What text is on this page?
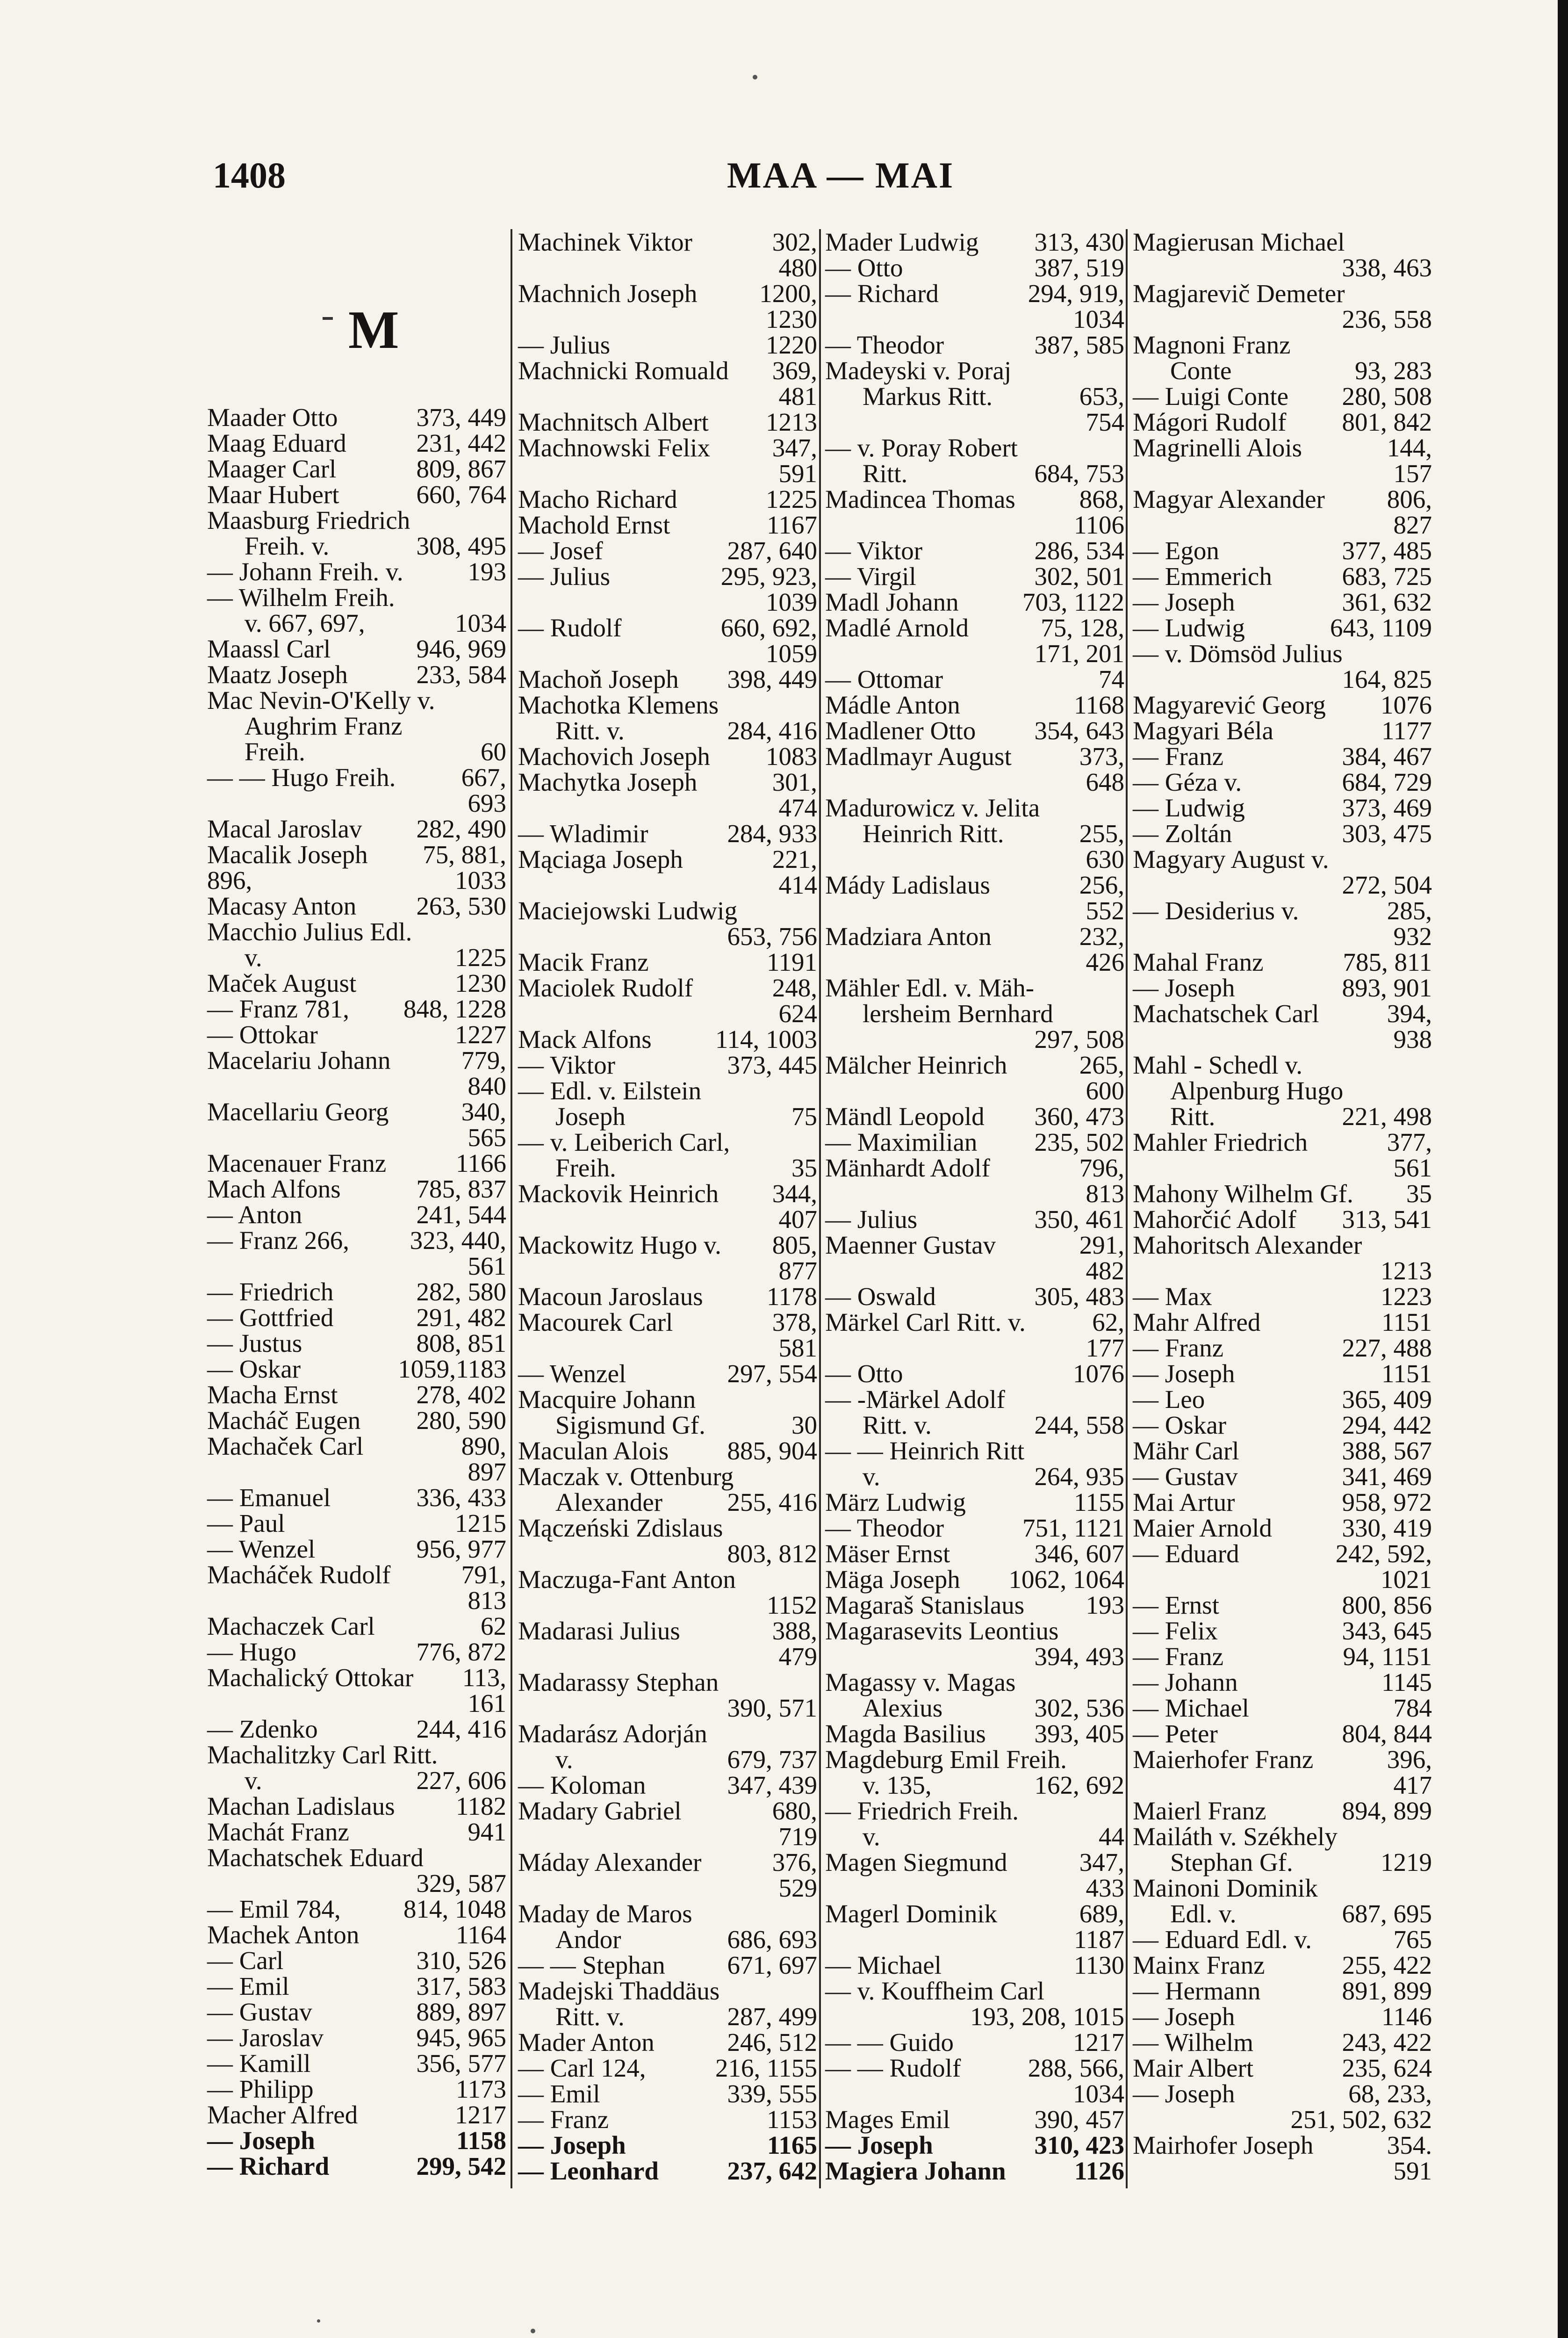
1408	MAA — MAI
M
Maader Otto	373, 449
Maag Eduard	231, 442
Maager Carl	809, 867
Maar Hubert	660, 764
Maasburg Friedrich
Freih. v.	308, 495
— Johann Freih. v.	193
— Wilhelm Freih.
v. 667, 697,	1034
Maassl Carl	946, 969
Maatz Joseph	233, 584
Mac Nevin-O'Kelly v.
Aughrim Franz
Freih.	60
— — Hugo Freih.	667,
693
Macal Jaroslav 282, 490
Macalik Joseph 75, 881,
896,	1033
Macasy Anton 263, 530
Macchio Julius Edl.
v.	1225
Maček August	1230
— Franz 781, 848, 1228
— Ottokar	1227
Macelariu Johann	779,
840
Macellariu Georg	340,
565
Macenauer Franz	1166
Mach Alfons	785, 837
— Anton	241, 544
— Franz 266, 323, 440,
561
— Friedrich	282, 580
— Gottfried	291, 482
— Justus	808, 851
— Oskar	1059,1183
Macha Ernst	278, 402
Macháč Eugen 280, 590
Machaček Carl	890,
897
— Emanuel	336, 433
— Paul	1215
— Wenzel	956, 977
Macháček Rudolf	791,
813
Machaczek Carl	62
— Hugo	776, 872
Machalický Ottokar 113,
161
— Zdenko	244, 416
Machalitzky Carl Ritt.
v.	227, 606
Machan Ladislaus 1182
Machát Franz	941
Machatschek Eduard
329, 587
— Emil 784, 814, 1048
Machek Anton	1164
— Carl	310, 526
— Emil	317, 583
— Gustav	889, 897
— Jaroslav	945, 965
— Kamill	356, 577
— Philipp	1173
Macher Alfred	1217
— Joseph	1158
— Richard	299, 542
Machinek Viktor	302,
480
Machnich Joseph 1200,
1230
— Julius	1220
Machnicki Romuald 369,
481
Machnitsch Albert 1213
Machnowski Felix 347,
591
Macho Richard	1225
Machold Ernst	1167
— Josef	287, 640
— Julius	295, 923,
1039
— Rudolf	660, 692,
1059
Machoň Joseph 398, 449
Machotka Klemens
Ritt. v.	284, 416
Machovich Joseph 1083
Machytka Joseph	301,
474
— Wladimir	284, 933
Mąciaga Joseph	221,
414
Maciejowski Ludwig
653, 756
Macik Franz	1191
Maciolek Rudolf	248,
624
Mack Alfons 114, 1003
— Viktor	373, 445
— Edl. v. Eilstein
Joseph	75
— v. Leiberich Carl,
Freih.	35
Mackovik Heinrich 344,
407
Mackowitz Hugo v. 805,
877
Macoun Jaroslaus 1178
Macourek Carl	378,
581
— Wenzel	297, 554
Macquire Johann
Sigismund Gf.	30
Maculan Alois 885, 904
Maczak v. Ottenburg
Alexander	255, 416
Mączeński Zdislaus
803, 812
Maczuga-Fant Anton
1152
Madarasi Julius	388,
479
Madarassy Stephan
390, 571
Madarász Adorján
v.	679, 737
— Koloman	347, 439
Madary Gabriel	680,
719
Máday Alexander	376,
529
Maday de Maros
Andor	686, 693
— — Stephan 671, 697
Madejski Thaddäus
Ritt. v.	287, 499
Mader Anton	246, 512
— Carl 124,	216, 1155
— Emil	339, 555
— Franz	1153
— Joseph	1165
— Leonhard	237, 642
Mader Ludwig 313, 430
— Otto	387, 519
— Richard	294, 919,
1034
— Theodor	387, 585
Madeyski v. Poraj
Markus Ritt.	653,
754
— v. Poray Robert
Ritt.	684, 753
Madincea Thomas 868,
1106
— Viktor	286, 534
— Virgil	302, 501
Madl Johann 703, 1122
Madlé Arnold	75, 128,
171, 201
— Ottomar	74
Mádle Anton	1168
Madlener Otto 354, 643
Madlmayr August	373,
648
Madurowicz v. Jelita
Heinrich Ritt.	255,
630
Mády Ladislaus	256,
552
Madziara Anton	232,
426
Mähler Edl. v. Mäh-
lersheim Bernhard
297, 508
Mälcher Heinrich	265,
600
Mändl Leopold 360, 473
— Maximilian 235, 502
Mänhardt Adolf	796,
813
— Julius	350, 461
Maenner Gustav	291,
482
— Oswald	305, 483
Märkel Carl Ritt. v.	62,
177
— Otto	1076
— -Märkel Adolf
Ritt. v.	244, 558
— — Heinrich Ritt
v.	264, 935
März Ludwig	1155
— Theodor	751, 1121
Mäser Ernst	346, 607
Mäga Joseph 1062, 1064
Magaraš Stanislaus 193
Magarasevits Leontius
394, 493
Magassy v. Magas
Alexius	302, 536
Magda Basilius 393, 405
Magdeburg Emil Freih.
v. 135,	162, 692
— Friedrich Freih.
v.	44
Magen Siegmund	347,
433
Magerl Dominik	689,
1187
— Michael	1130
— v. Kouffheim Carl
193, 208, 1015
— — Guido	1217
— — Rudolf	288, 566,
1034
Mages Emil	390, 457
— Joseph	310, 423
Magiera Johann	1126
Magierusan Michael
338, 463
Magjarevič Demeter
236, 558
Magnoni Franz
Conte	93, 283
— Luigi Conte 280, 508
Mágori Rudolf 801, 842
Magrinelli Alois	144,
157
Magyar Alexander 806,
827
— Egon	377, 485
— Emmerich	683, 725
— Joseph	361, 632
— Ludwig	643, 1109
— v. Dömsöd Julius
164, 825
Magyarević Georg 1076
Magyari Béla	1177
— Franz	384, 467
— Géza v.	684, 729
— Ludwig	373, 469
— Zoltán	303, 475
Magyary August v.
272, 504
— Desiderius v.	285,
932
Mahal Franz	785, 811
— Joseph	893, 901
Machatschek Carl	394,
938
Mahl - Schedl v.
Alpenburg Hugo
Ritt.	221, 498
Mahler Friedrich	377,
561
Mahony Wilhelm Gf. 35
Mahorčić Adolf 313, 541
Mahoritsch Alexander
1213
— Max	1223
Mahr Alfred	1151
— Franz	227, 488
— Joseph	1151
— Leo	365, 409
— Oskar	294, 442
Mähr Carl	388, 567
— Gustav	341, 469
Mai Artur	958, 972
Maier Arnold	330, 419
— Eduard	242, 592,
1021
— Ernst	800, 856
— Felix	343, 645
— Franz	94, 1151
— Johann	1145
— Michael	784
— Peter	804, 844
Maierhofer Franz	396,
417
Maierl Franz	894, 899
Mailáth v. Székhely
Stephan Gf.	1219
Mainoni Dominik
Edl. v.	687, 695
— Eduard Edl. v.	765
Mainx Franz	255, 422
— Hermann	891, 899
— Joseph	1146
— Wilhelm	243, 422
Mair Albert	235, 624
— Joseph	68, 233,
251, 502, 632
Mairhofer Joseph	354.
591
